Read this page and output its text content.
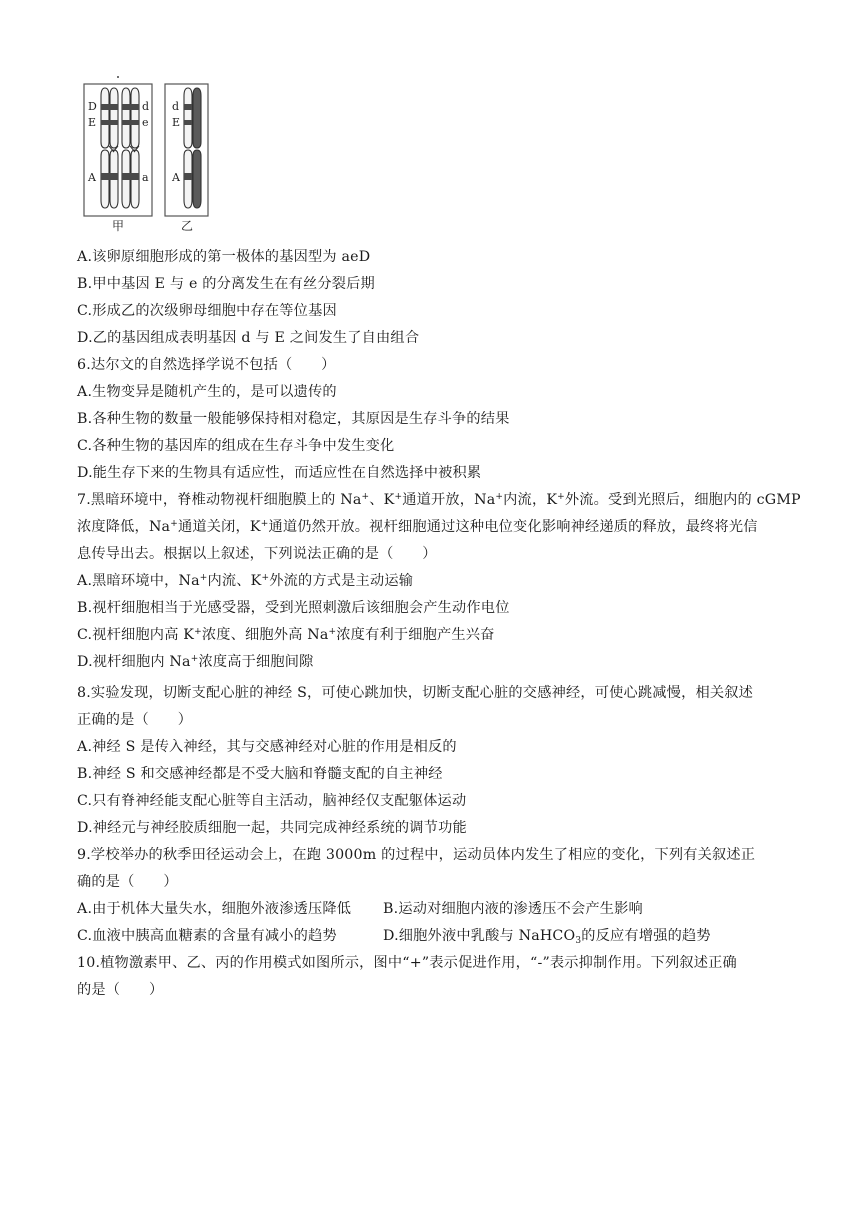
D
E
A
d
e
a
d
E
A
甲	乙
A.该卵原细胞形成的第一极体的基因型为 aeD
B.甲中基因 E 与 e 的分离发生在有丝分裂后期
C.形成乙的次级卵母细胞中存在等位基因
D.乙的基因组成表明基因 d 与 E 之间发生了自由组合
6.达尔文的自然选择学说不包括（　　）
A.生物变异是随机产生的，是可以遗传的
B.各种生物的数量一般能够保持相对稳定，其原因是生存斗争的结果
C.各种生物的基因库的组成在生存斗争中发生变化
D.能生存下来的生物具有适应性，而适应性在自然选择中被积累
7.黑暗环境中，脊椎动物视杆细胞膜上的 Na+、K+通道开放，Na+内流，K+外流。受到光照后，细胞内的 cGMP
浓度降低，Na+通道关闭，K+通道仍然开放。视杆细胞通过这种电位变化影响神经递质的释放，最终将光信
息传导出去。根据以上叙述，下列说法正确的是（　　）
A.黑暗环境中，Na+内流、K+外流的方式是主动运输
B.视杆细胞相当于光感受器，受到光照刺激后该细胞会产生动作电位
C.视杆细胞内高 K+浓度、细胞外高 Na+浓度有利于细胞产生兴奋
D.视杆细胞内 Na+浓度高于细胞间隙
8.实验发现，切断支配心脏的神经 S，可使心跳加快，切断支配心脏的交感神经，可使心跳减慢，相关叙述
正确的是（　　）
A.神经 S 是传入神经，其与交感神经对心脏的作用是相反的
B.神经 S 和交感神经都是不受大脑和脊髓支配的自主神经
C.只有脊神经能支配心脏等自主活动，脑神经仅支配躯体运动
D.神经元与神经胶质细胞一起，共同完成神经系统的调节功能
9.学校举办的秋季田径运动会上，在跑 3000m 的过程中，运动员体内发生了相应的变化，下列有关叙述正
确的是（　　）
A.由于机体大量失水，细胞外液渗透压降低 B.运动对细胞内液的渗透压不会产生影响
C.血液中胰高血糖素的含量有减小的趋势	D.细胞外液中乳酸与 NaHCO$_3$的反应有增强的趋势
10.植物激素甲、乙、丙的作用模式如图所示，图中“+”表示促进作用，“-”表示抑制作用。下列叙述正确
的是（　　）
